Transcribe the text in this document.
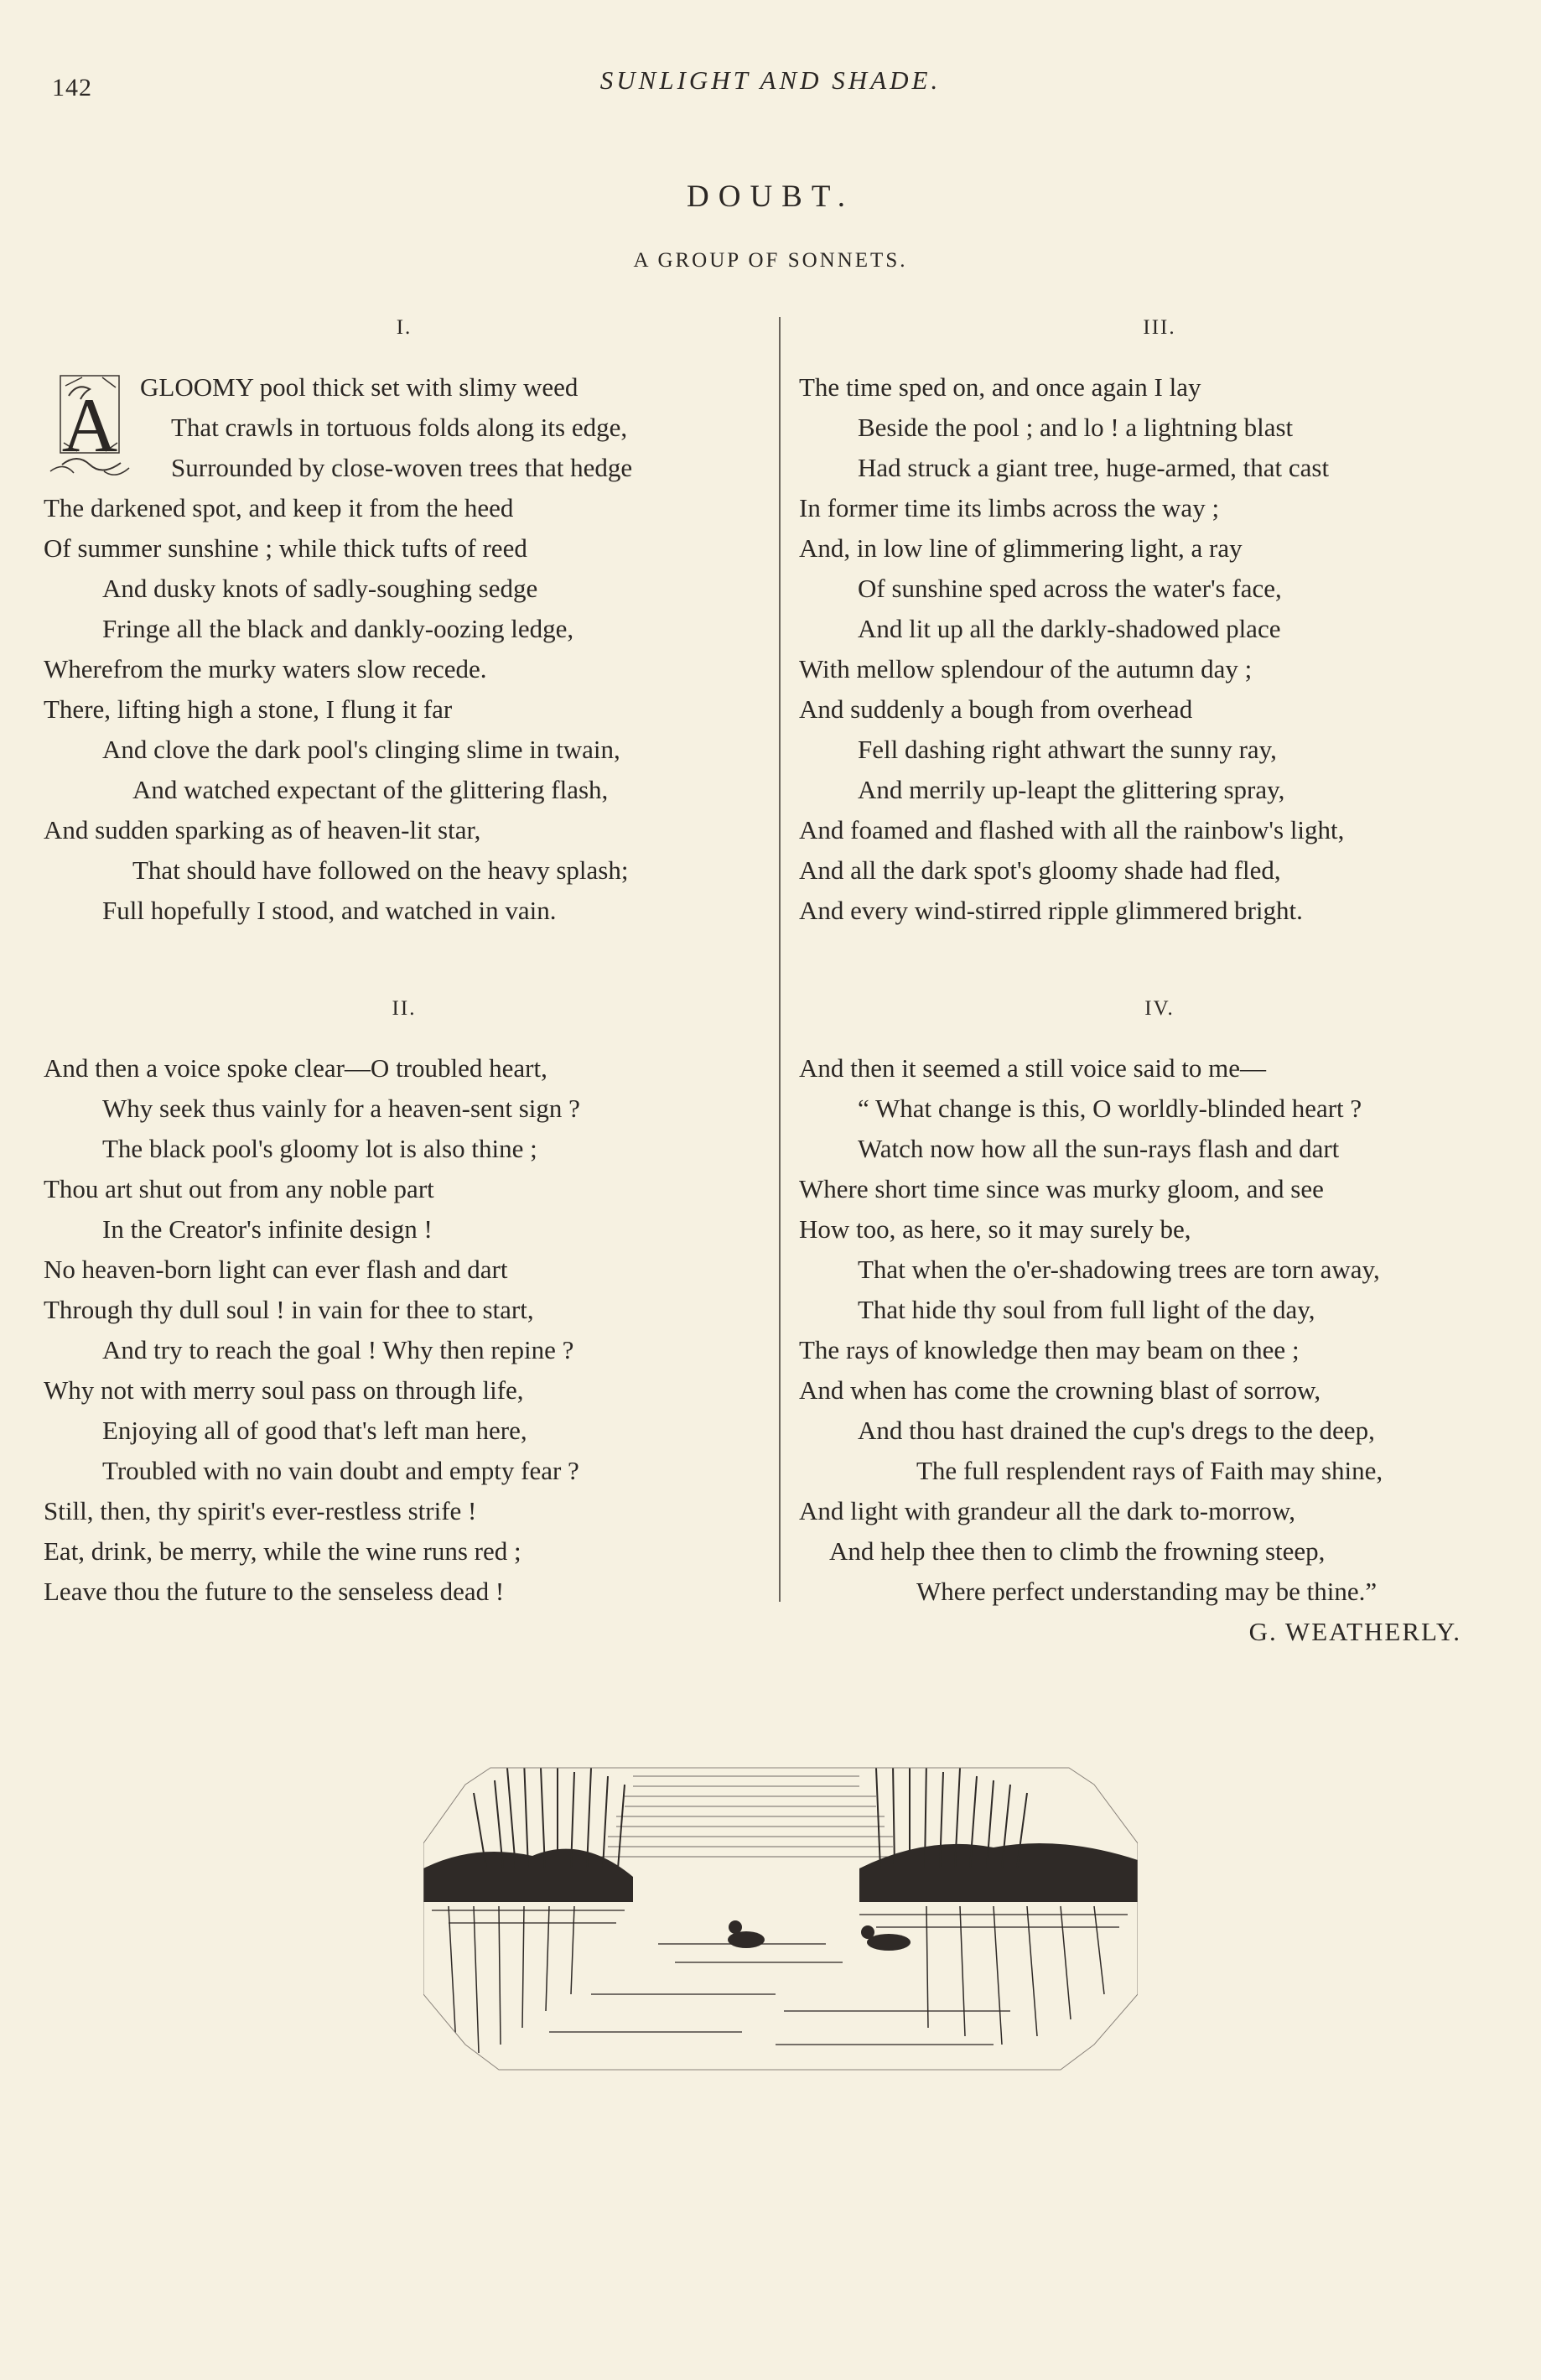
142	SUNLIGHT AND SHADE.
DOUBT.
A GROUP OF SONNETS.
I.
A GLOOMY pool thick set with slimy weed
That crawls in tortuous folds along its edge,
Surrounded by close-woven trees that hedge
The darkened spot, and keep it from the heed
Of summer sunshine ; while thick tufts of reed
And dusky knots of sadly-soughing sedge
Fringe all the black and dankly-oozing ledge,
Wherefrom the murky waters slow recede.
There, lifting high a stone, I flung it far
And clove the dark pool's clinging slime in twain,
And watched expectant of the glittering flash,
And sudden sparking as of heaven-lit star,
That should have followed on the heavy splash;
Full hopefully I stood, and watched in vain.
II.
And then a voice spoke clear—O troubled heart,
Why seek thus vainly for a heaven-sent sign ?
The black pool's gloomy lot is also thine ;
Thou art shut out from any noble part
In the Creator's infinite design !
No heaven-born light can ever flash and dart
Through thy dull soul ! in vain for thee to start,
And try to reach the goal ! Why then repine ?
Why not with merry soul pass on through life,
Enjoying all of good that's left man here,
Troubled with no vain doubt and empty fear ?
Still, then, thy spirit's ever-restless strife !
Eat, drink, be merry, while the wine runs red ;
Leave thou the future to the senseless dead !
III.
The time sped on, and once again I lay
Beside the pool ; and lo ! a lightning blast
Had struck a giant tree, huge-armed, that cast
In former time its limbs across the way ;
And, in low line of glimmering light, a ray
Of sunshine sped across the water's face,
And lit up all the darkly-shadowed place
With mellow splendour of the autumn day ;
And suddenly a bough from overhead
Fell dashing right athwart the sunny ray,
And merrily up-leapt the glittering spray,
And foamed and flashed with all the rainbow's light,
And all the dark spot's gloomy shade had fled,
And every wind-stirred ripple glimmered bright.
IV.
And then it seemed a still voice said to me—
“ What change is this, O worldly-blinded heart ?
Watch now how all the sun-rays flash and dart
Where short time since was murky gloom, and see
How too, as here, so it may surely be,
That when the o'er-shadowing trees are torn away,
That hide thy soul from full light of the day,
The rays of knowledge then may beam on thee ;
And when has come the crowning blast of sorrow,
And thou hast drained the cup's dregs to the deep,
The full resplendent rays of Faith may shine,
And light with grandeur all the dark to-morrow,
And help thee then to climb the frowning steep,
Where perfect understanding may be thine.”
G. WEATHERLY.
